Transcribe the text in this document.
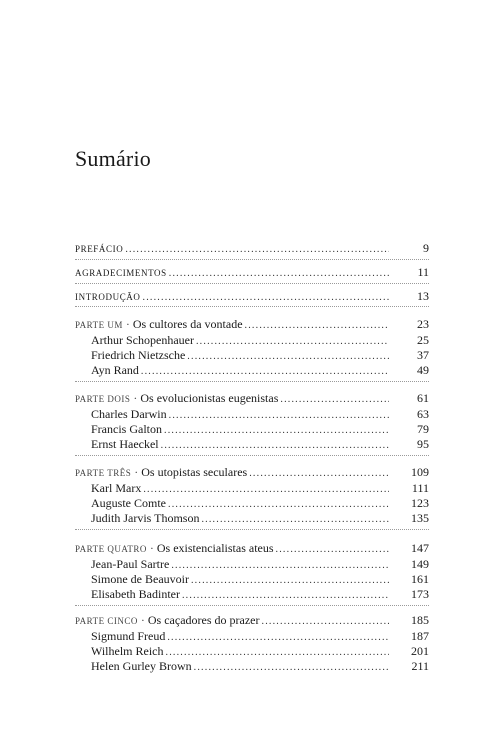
Sumário
PREFÁCIO .....	9
AGRADECIMENTOS .....	11
INTRODUÇÃO .....	13
PARTE UM · Os cultores da vontade .....	23
Arthur Schopenhauer .....	25
Friedrich Nietzsche .....	37
Ayn Rand .....	49
PARTE DOIS · Os evolucionistas eugenistas .....	61
Charles Darwin .....	63
Francis Galton .....	79
Ernst Haeckel .....	95
PARTE TRÊS · Os utopistas seculares .....	109
Karl Marx .....	111
Auguste Comte .....	123
Judith Jarvis Thomson .....	135
PARTE QUATRO · Os existencialistas ateus .....	147
Jean-Paul Sartre .....	149
Simone de Beauvoir .....	161
Elisabeth Badinter .....	173
PARTE CINCO · Os caçadores do prazer .....	185
Sigmund Freud .....	187
Wilhelm Reich .....	201
Helen Gurley Brown .....	211
